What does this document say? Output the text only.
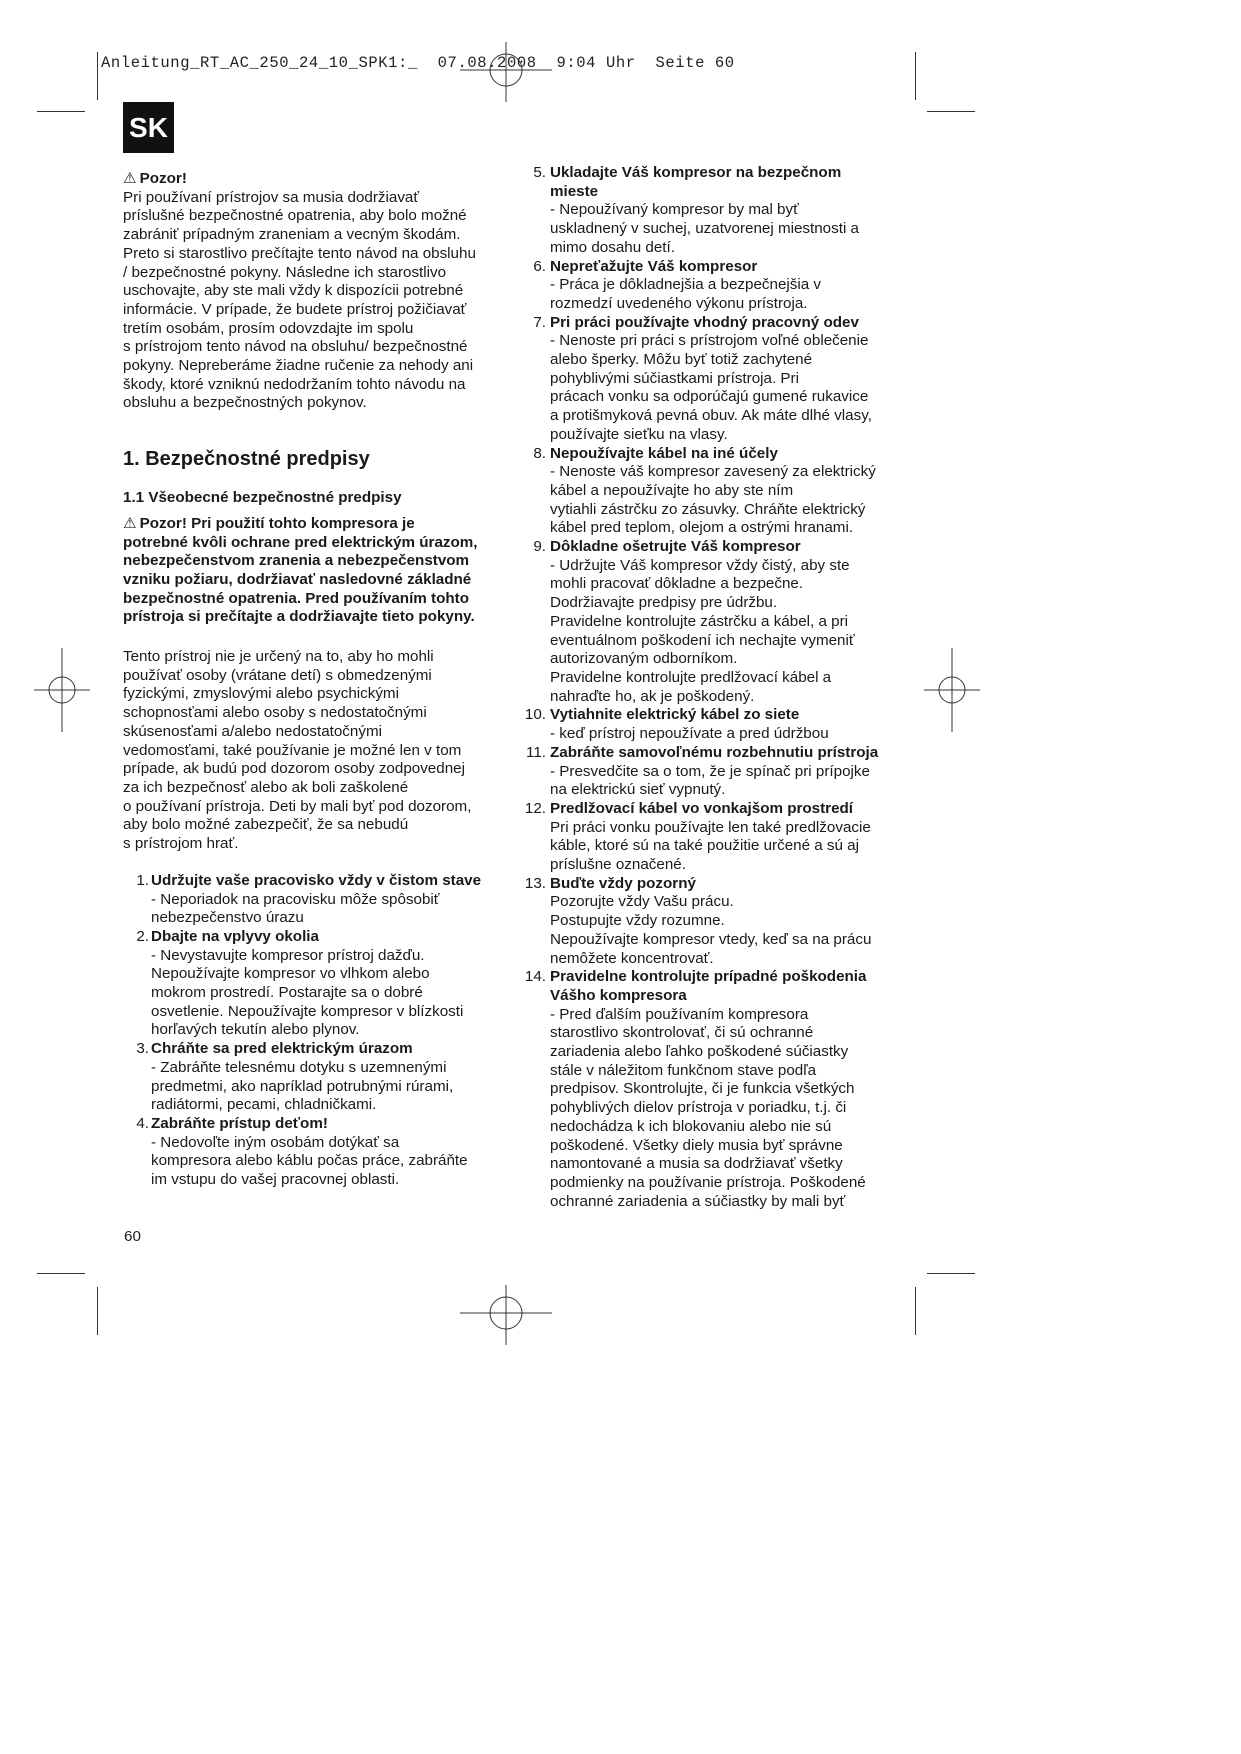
Anleitung_RT_AC_250_24_10_SPK1:_  07.08.2008  9:04 Uhr  Seite 60
SK

⚠ Pozor!

Pri používaní prístrojov sa musia dodržiavať
príslušné bezpečnostné opatrenia, aby bolo možné
zabrániť prípadným zraneniam a vecným škodám.
Preto si starostlivo prečítajte tento návod na obsluhu
/ bezpečnostné pokyny. Následne ich starostlivo
uschovajte, aby ste mali vždy k dispozícii potrebné
informácie. V prípade, že budete prístroj požičiavať
tretím osobám, prosím odovzdajte im spolu
s prístrojom tento návod na obsluhu/ bezpečnostné
pokyny. Nepreberáme žiadne ručenie za nehody ani
škody, ktoré vzniknú nedodržaním tohto návodu na
obsluhu a bezpečnostných pokynov.

1. Bezpečnostné predpisy

1.1 Všeobecné bezpečnostné predpisy

⚠ Pozor! Pri použití tohto kompresora je
potrebné kvôli ochrane pred elektrickým úrazom,
nebezpečenstvom zranenia a nebezpečenstvom
vzniku požiaru, dodržiavať nasledovné základné
bezpečnostné opatrenia. Pred používaním tohto
prístroja si prečítajte a dodržiavajte tieto pokyny.
Tento prístroj nie je určený na to, aby ho mohli
používať osoby (vrátane detí) s obmedzenými
fyzickými, zmyslovými alebo psychickými
schopnosťami alebo osoby s nedostatočnými
skúsenosťami a/alebo nedostatočnými
vedomosťami, také používanie je možné len v tom
prípade, ak budú pod dozorom osoby zodpovednej
za ich bezpečnosť alebo ak boli zaškolené
o používaní prístroja. Deti by mali byť pod dozorom,
aby bolo možné zabezpečiť, že sa nebudú
s prístrojom hrať.
1. Udržujte vaše pracovisko vždy v čistom stave
- Neporiadok na pracovisku môže spôsobiť
nebezpečenstvo úrazu
2. Dbajte na vplyvy okolia
- Nevystavujte kompresor prístroj dažďu.
Nepoužívajte kompresor vo vlhkom alebo
mokrom prostredí. Postarajte sa o dobré
osvetlenie. Nepoužívajte kompresor v blízkosti
horľavých tekutín alebo plynov.
3. Chráňte sa pred elektrickým úrazom
- Zabráňte telesnému dotyku s uzemnenými
predmetmi, ako napríklad potrubnými rúrami,
radiátormi, pecami, chladničkami.
4. Zabráňte prístup deťom!
- Nedovoľte iným osobám dotýkať sa
kompresora alebo káblu počas práce, zabráňte
im vstupu do vašej pracovnej oblasti.
5. Ukladajte Váš kompresor na bezpečnom
mieste
- Nepoužívaný kompresor by mal byť
uskladnený v suchej, uzatvorenej miestnosti a
mimo dosahu detí.
6. Nepreťažujte Váš kompresor
- Práca je dôkladnejšia a bezpečnejšia v
rozmedzí uvedeného výkonu prístroja.
7. Pri práci používajte vhodný pracovný odev
- Nenoste pri práci s prístrojom voľné oblečenie
alebo šperky. Môžu byť totiž zachytené
pohyblivými súčiastkami prístroja. Pri
prácach vonku sa odporúčajú gumené rukavice
a protišmyková pevná obuv. Ak máte dlhé vlasy,
používajte sieťku na vlasy.
8. Nepoužívajte kábel na iné účely
- Nenoste váš kompresor zavesený za elektrický
kábel a nepoužívajte ho aby ste ním
vytiahli zástrčku zo zásuvky. Chráňte elektrický
kábel pred teplom, olejom a ostrými hranami.
9. Dôkladne ošetrujte Váš kompresor
- Udržujte Váš kompresor vždy čistý, aby ste
mohli pracovať dôkladne a bezpečne.
Dodržiavajte predpisy pre údržbu.
Pravidelne kontrolujte zástrčku a kábel, a pri
eventuálnom poškodení ich nechajte vymeniť
autorizovaným odborníkom.
Pravidelne kontrolujte predlžovací kábel a
nahraďte ho, ak je poškodený.
10. Vytiahnite elektrický kábel zo siete
- keď prístroj nepoužívate a pred údržbou
11. Zabráňte samovoľnému rozbehnutiu prístroja
- Presvedčite sa o tom, že je spínač pri prípojke
na elektrickú sieť vypnutý.
12. Predlžovací kábel vo vonkajšom prostredí
Pri práci vonku používajte len také predlžovacie
káble, ktoré sú na také použitie určené a sú aj
príslušne označené.
13. Buďte vždy pozorný
Pozorujte vždy Vašu prácu.
Postupujte vždy rozumne.
Nepoužívajte kompresor vtedy, keď sa na prácu
nemôžete koncentrovať.
14. Pravidelne kontrolujte prípadné poškodenia
Vášho kompresora
- Pred ďalším používaním kompresora
starostlivo skontrolovať, či sú ochranné
zariadenia alebo ľahko poškodené súčiastky
stále v náležitom funkčnom stave podľa
predpisov. Skontrolujte, či je funkcia všetkých
pohyblivých dielov prístroja v poriadku, t.j. či
nedochádza k ich blokovaniu alebo nie sú
poškodené. Všetky diely musia byť správne
namontované a musia sa dodržiavať všetky
podmienky na používanie prístroja. Poškodené
ochranné zariadenia a súčiastky by mali byť
60
